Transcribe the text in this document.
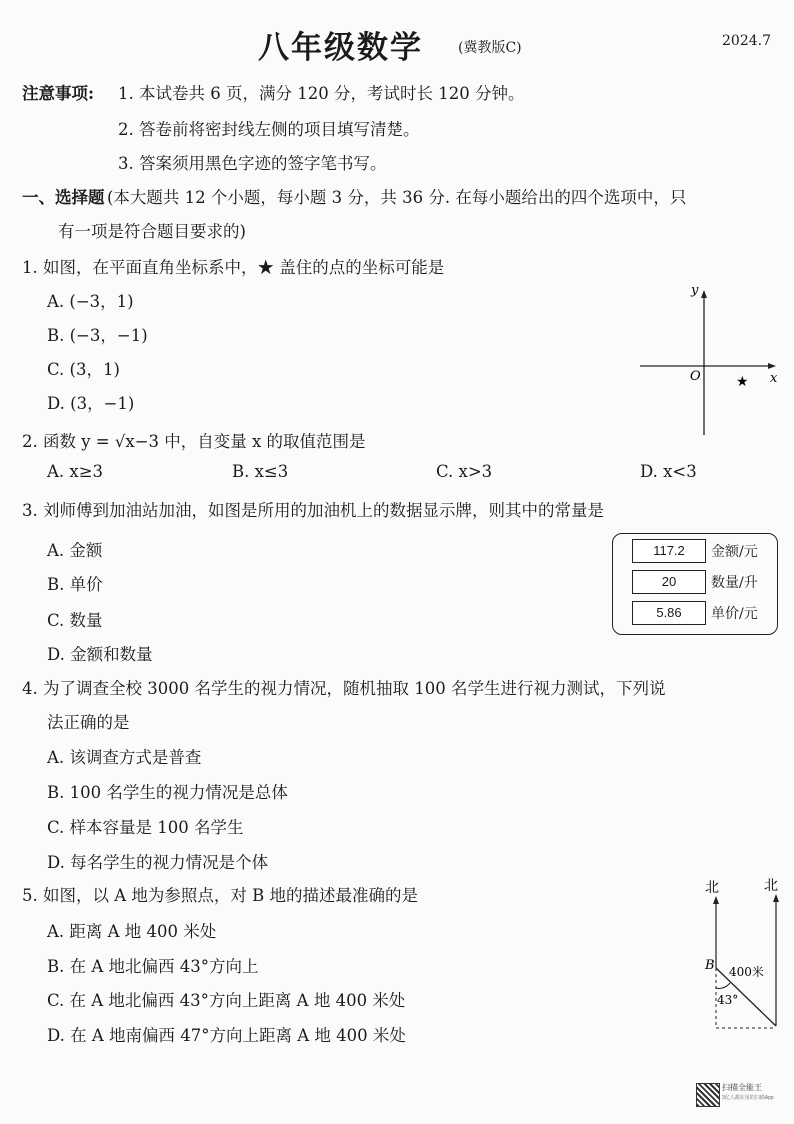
八年级数学	(冀教版C)	2024.7
注意事项: 1. 本试卷共 6 页，满分 120 分，考试时长 120 分钟。
2. 答卷前将密封线左侧的项目填写清楚。
3. 答案须用黑色字迹的签字笔书写。
一、选择题 (本大题共 12 个小题，每小题 3 分，共 36 分. 在每小题给出的四个选项中，只
有一项是符合题目要求的)
1. 如图，在平面直角坐标系中，★ 盖住的点的坐标可能是
A. (−3，1)
B. (−3，−1)
C. (3，1)
D. (3，−1)
y
x
O	★
2. 函数 y = √x−3 中，自变量 x 的取值范围是
A. x≥3	B. x≤3	C. x>3	D. x<3
3. 刘师傅到加油站加油，如图是所用的加油机上的数据显示牌，则其中的常量是
A. 金额
B. 单价
C. 数量
D. 金额和数量
117.2	金额/元
20	数量/升
5.86	单价/元
4. 为了调查全校 3000 名学生的视力情况，随机抽取 100 名学生进行视力测试，下列说
法正确的是
A. 该调查方式是普查
B. 100 名学生的视力情况是总体
C. 样本容量是 100 名学生
D. 每名学生的视力情况是个体
5. 如图，以 A 地为参照点，对 B 地的描述最准确的是
A. 距离 A 地 400 米处
B. 在 A 地北偏西 43°方向上
C. 在 A 地北偏西 43°方向上距离 A 地 400 米处
D. 在 A 地南偏西 47°方向上距离 A 地 400 米处
北	北
B 400米
43°
扫描全能王
3亿人都在用的扫描App
